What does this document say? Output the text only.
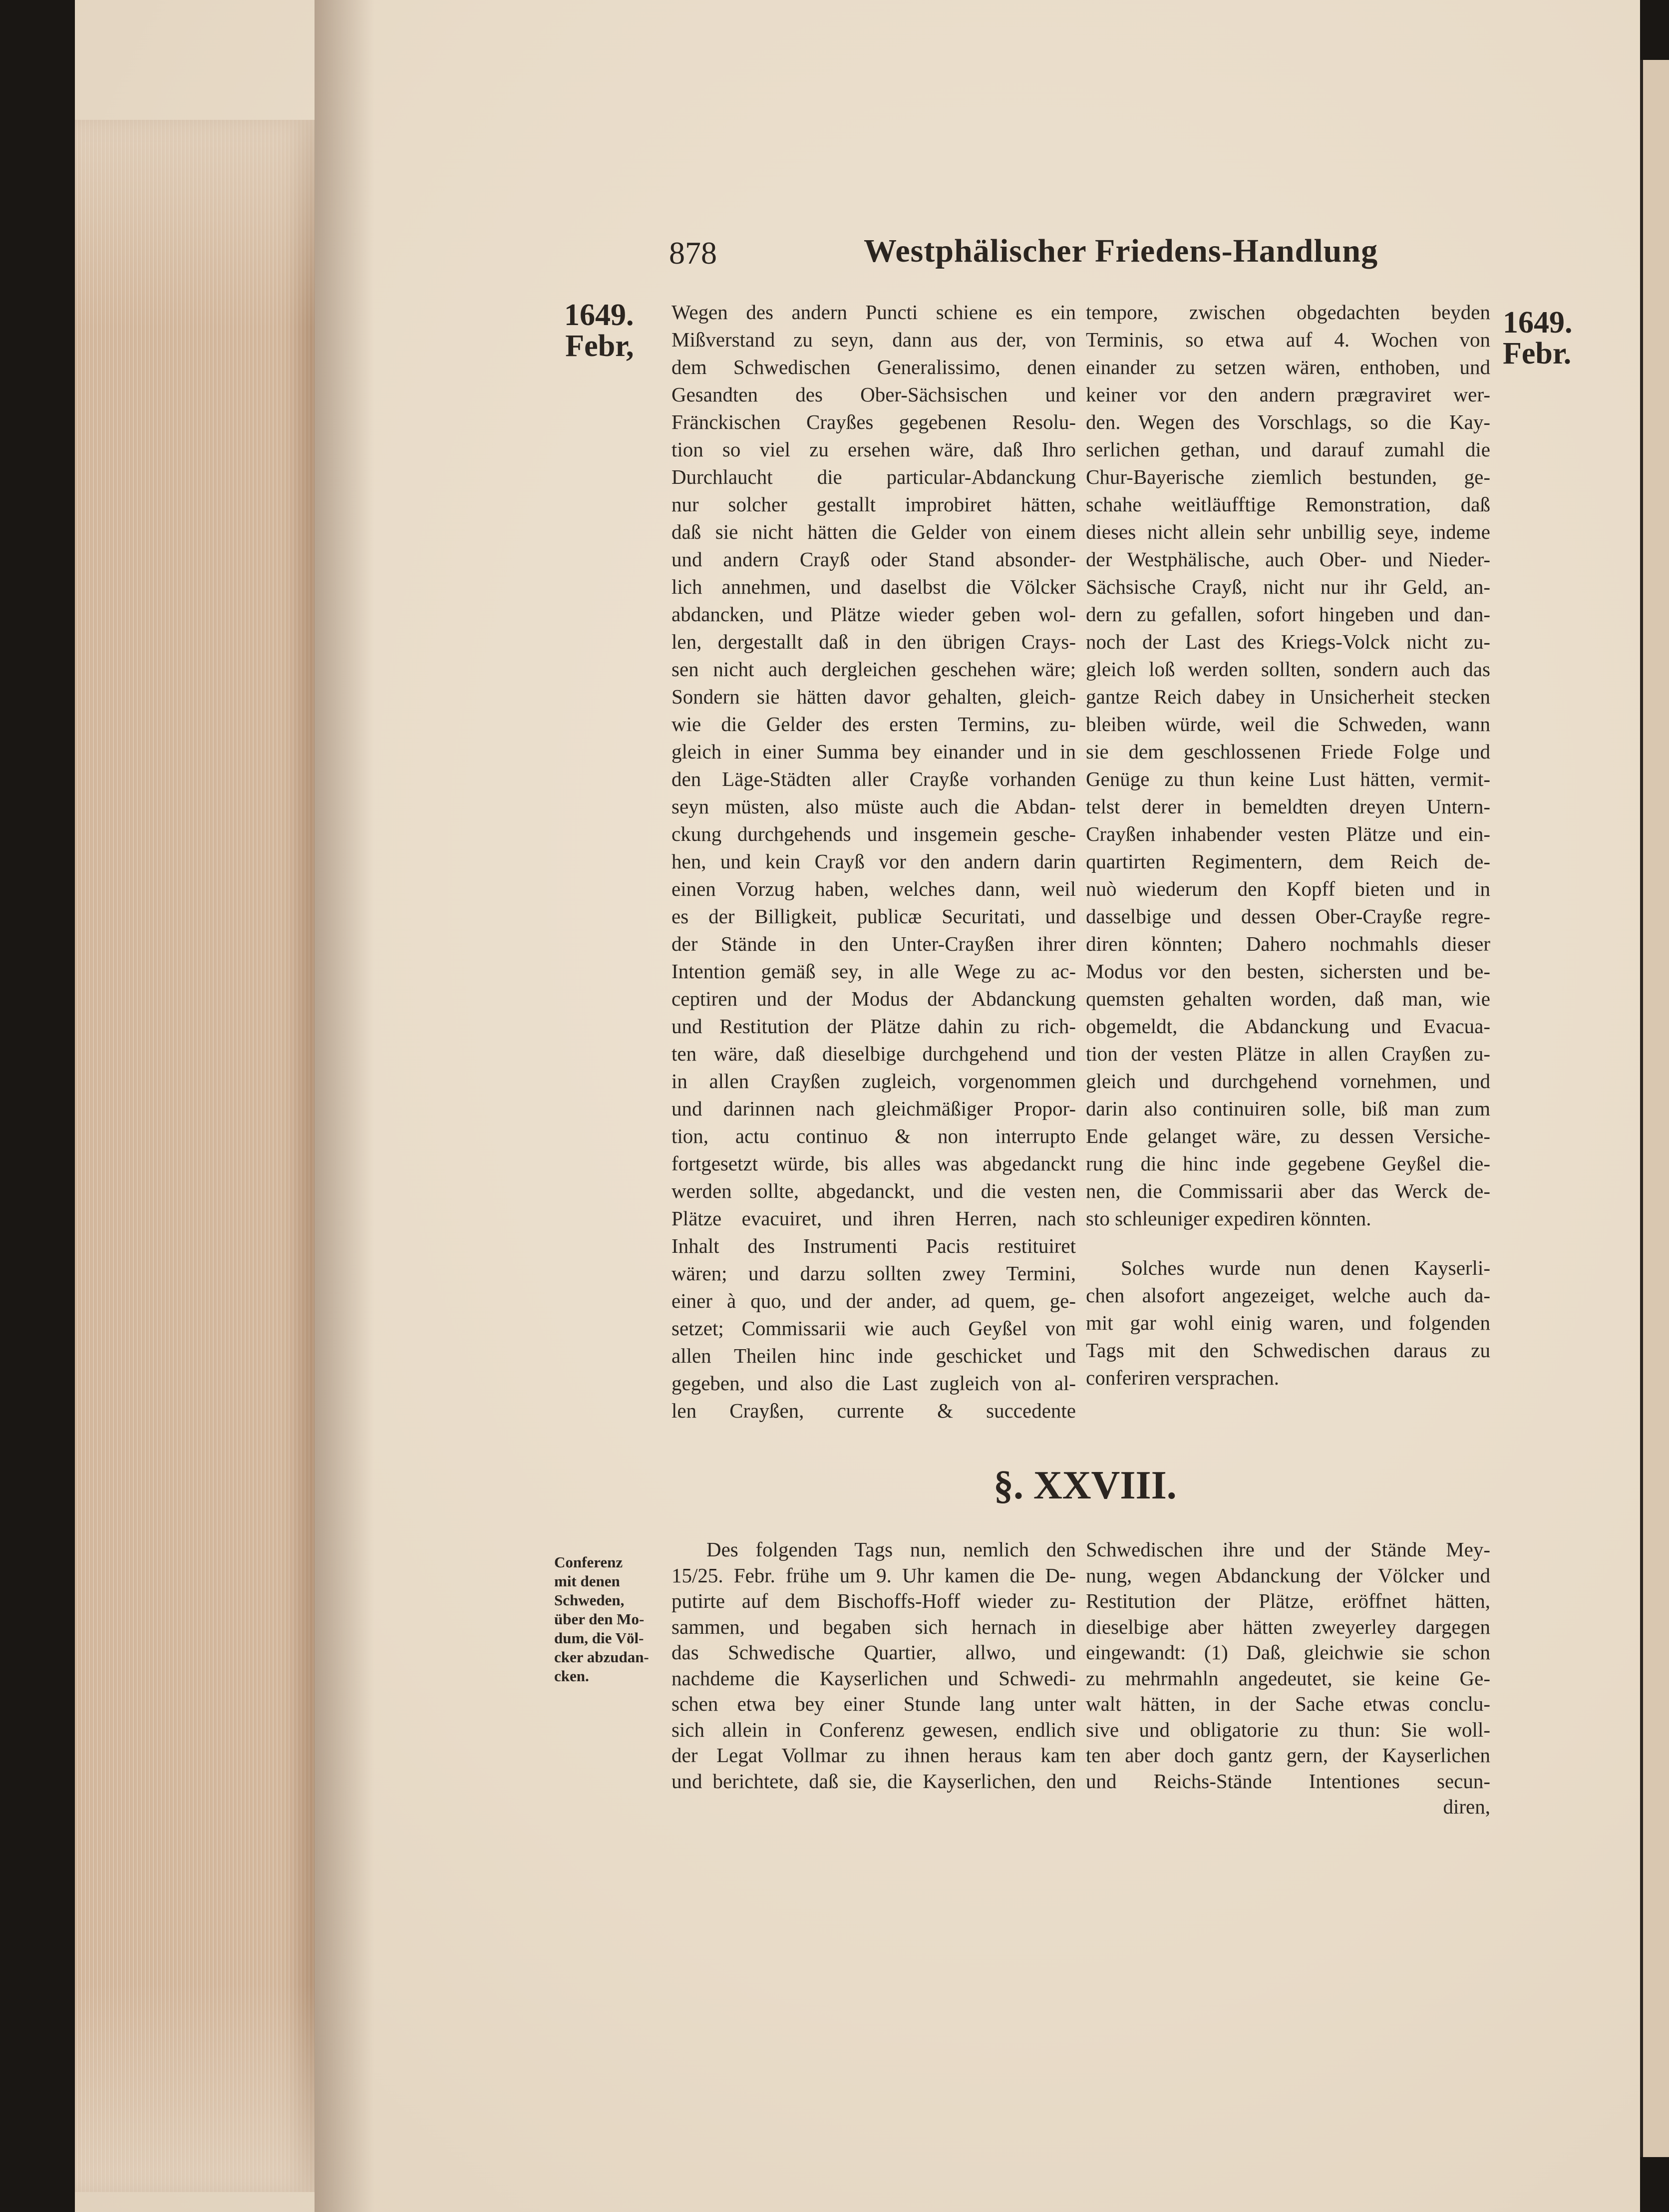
878	Westphälischer Friedens-Handlung
1649.
Febr,
1649.
Febr.
Wegen des andern Puncti schiene es ein
Mißverstand zu seyn, dann aus der, von
dem Schwedischen Generalissimo, denen
Gesandten des Ober-Sächsischen und
Fränckischen Crayßes gegebenen Resolu-
tion so viel zu ersehen wäre, daß Ihro
Durchlaucht die particular-Abdanckung
nur solcher gestallt improbiret hätten,
daß sie nicht hätten die Gelder von einem
und andern Crayß oder Stand absonder-
lich annehmen, und daselbst die Völcker
abdancken, und Plätze wieder geben wol-
len, dergestallt daß in den übrigen Crays-
sen nicht auch dergleichen geschehen wäre;
Sondern sie hätten davor gehalten, gleich-
wie die Gelder des ersten Termins, zu-
gleich in einer Summa bey einander und in
den Läge-Städten aller Crayße vorhanden
seyn müsten, also müste auch die Abdan-
ckung durchgehends und insgemein gesche-
hen, und kein Crayß vor den andern darin
einen Vorzug haben, welches dann, weil
es der Billigkeit, publicæ Securitati, und
der Stände in den Unter-Crayßen ihrer
Intention gemäß sey, in alle Wege zu ac-
ceptiren und der Modus der Abdanckung
und Restitution der Plätze dahin zu rich-
ten wäre, daß dieselbige durchgehend und
in allen Crayßen zugleich, vorgenommen
und darinnen nach gleichmäßiger Propor-
tion, actu continuo & non interrupto
fortgesetzt würde, bis alles was abgedanckt
werden sollte, abgedanckt, und die vesten
Plätze evacuiret, und ihren Herren, nach
Inhalt des Instrumenti Pacis restituiret
wären; und darzu sollten zwey Termini,
einer à quo, und der ander, ad quem, ge-
setzet; Commissarii wie auch Geyßel von
allen Theilen hinc inde geschicket und
gegeben, und also die Last zugleich von al-
len Crayßen, currente & succedente
tempore, zwischen obgedachten beyden
Terminis, so etwa auf 4. Wochen von
einander zu setzen wären, enthoben, und
keiner vor den andern prægraviret wer-
den. Wegen des Vorschlags, so die Kay-
serlichen gethan, und darauf zumahl die
Chur-Bayerische ziemlich bestunden, ge-
schahe weitläufftige Remonstration, daß
dieses nicht allein sehr unbillig seye, indeme
der Westphälische, auch Ober- und Nieder-
Sächsische Crayß, nicht nur ihr Geld, an-
dern zu gefallen, sofort hingeben und dan-
noch der Last des Kriegs-Volck nicht zu-
gleich loß werden sollten, sondern auch das
gantze Reich dabey in Unsicherheit stecken
bleiben würde, weil die Schweden, wann
sie dem geschlossenen Friede Folge und
Genüge zu thun keine Lust hätten, vermit-
telst derer in bemeldten dreyen Untern-
Crayßen inhabender vesten Plätze und ein-
quartirten Regimentern, dem Reich de-
nuò wiederum den Kopff bieten und in
dasselbige und dessen Ober-Crayße regre-
diren könnten; Dahero nochmahls dieser
Modus vor den besten, sichersten und be-
quemsten gehalten worden, daß man, wie
obgemeldt, die Abdanckung und Evacua-
tion der vesten Plätze in allen Crayßen zu-
gleich und durchgehend vornehmen, und
darin also continuiren solle, biß man zum
Ende gelanget wäre, zu dessen Versiche-
rung die hinc inde gegebene Geyßel die-
nen, die Commissarii aber das Werck de-
sto schleuniger expediren könnten.
Solches wurde nun denen Kayserli-
chen alsofort angezeiget, welche auch da-
mit gar wohl einig waren, und folgenden
Tags mit den Schwedischen daraus zu
conferiren versprachen.
§. XXVIII.
Conferenz
mit denen
Schweden,
über den Mo-
dum, die Völ-
cker abzudan-
cken.
Des folgenden Tags nun, nemlich den
15/25. Febr. frühe um 9. Uhr kamen die De-
putirte auf dem Bischoffs-Hoff wieder zu-
sammen, und begaben sich hernach in
das Schwedische Quartier, allwo, und
nachdeme die Kayserlichen und Schwedi-
schen etwa bey einer Stunde lang unter
sich allein in Conferenz gewesen, endlich
der Legat Vollmar zu ihnen heraus kam
und berichtete, daß sie, die Kayserlichen, den
Schwedischen ihre und der Stände Mey-
nung, wegen Abdanckung der Völcker und
Restitution der Plätze, eröffnet hätten,
dieselbige aber hätten zweyerley dargegen
eingewandt: (1) Daß, gleichwie sie schon
zu mehrmahln angedeutet, sie keine Ge-
walt hätten, in der Sache etwas conclu-
sive und obligatorie zu thun: Sie woll-
ten aber doch gantz gern, der Kayserlichen
und Reichs-Stände Intentiones secun-
diren,
